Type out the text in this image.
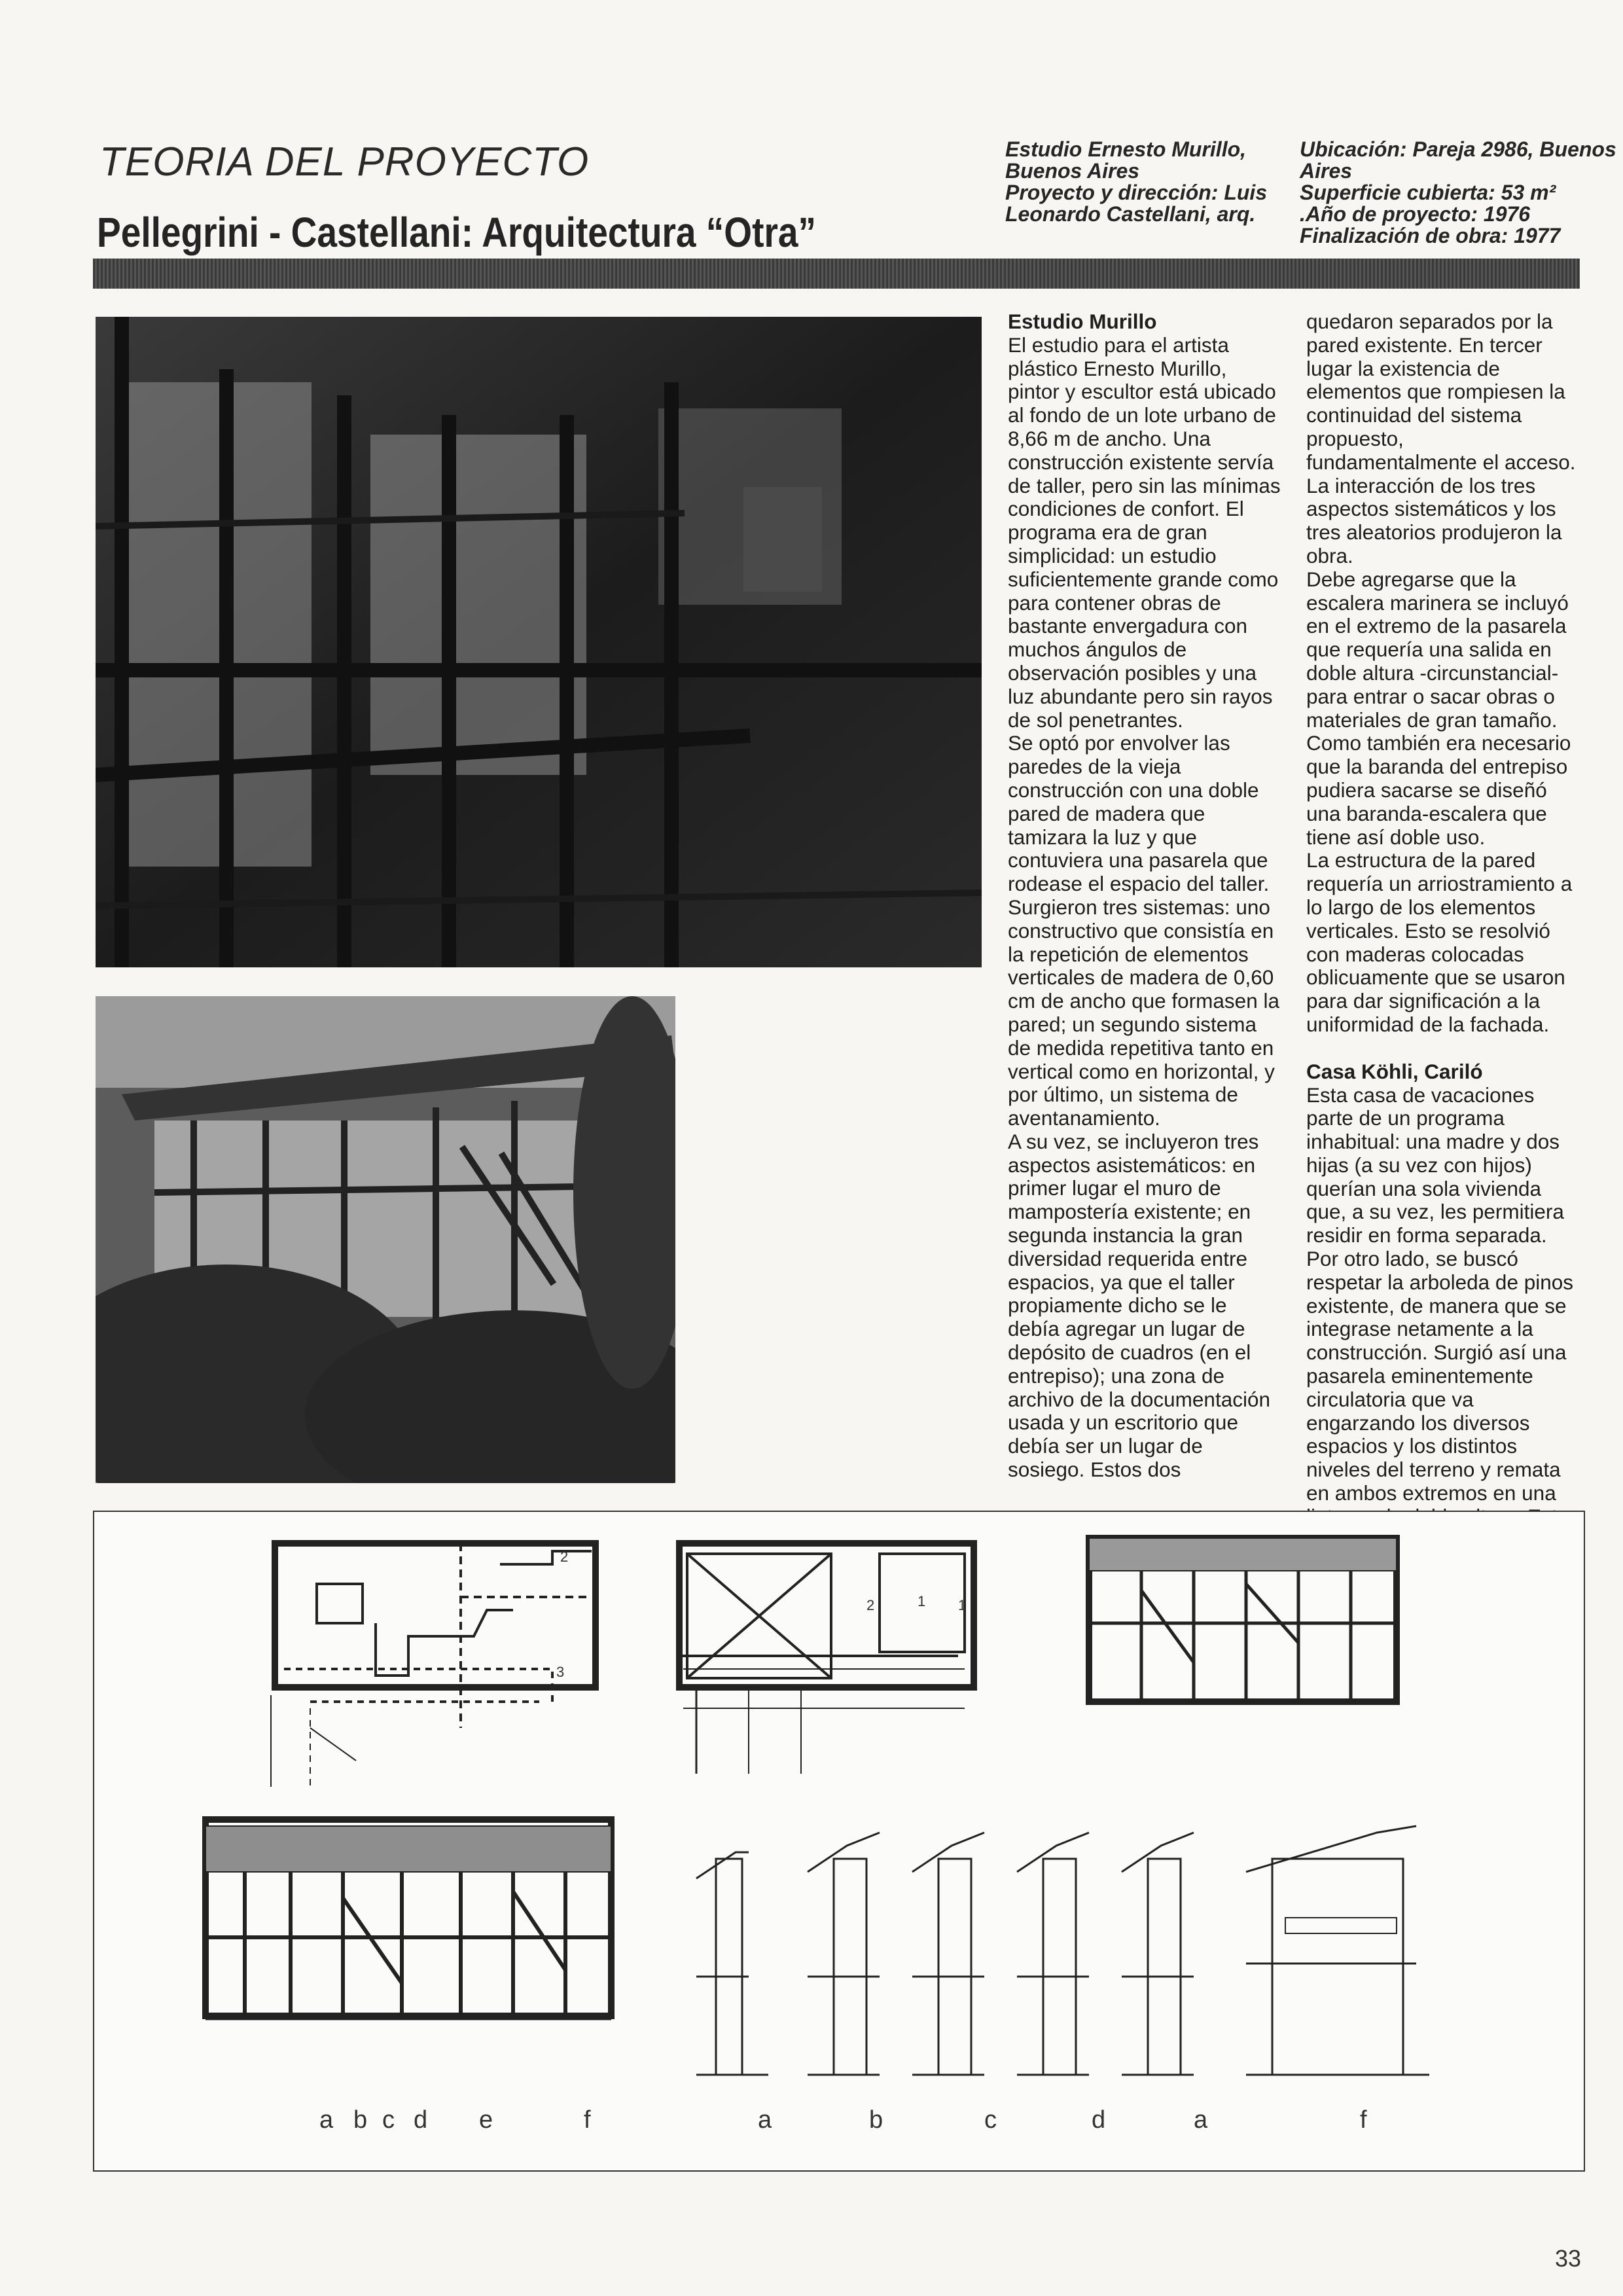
TEORIA DEL PROYECTO
Pellegrini - Castellani: Arquitectura “Otra”
Estudio Ernesto Murillo,
Buenos Aires
Proyecto y dirección: Luis
Leonardo Castellani, arq.
Ubicación: Pareja 2986, Buenos
Aires
Superficie cubierta: 53 m²
.Año de proyecto: 1976
Finalización de obra: 1977

Estudio Murillo

El estudio para el artista plástico Ernesto Murillo, pintor y escultor está ubicado al fondo de un lote urbano de 8,66 m de ancho. Una construcción existente servía de taller, pero sin las mínimas condiciones de confort. El programa era de gran simplicidad: un estudio suficientemente grande como para contener obras de bastante envergadura con muchos ángulos de observación posibles y una luz abundante pero sin rayos de sol penetrantes.

Se optó por envolver las paredes de la vieja construcción con una doble pared de madera que tamizara la luz y que contuviera una pasarela que rodease el espacio del taller.

Surgieron tres sistemas: uno constructivo que consistía en la repetición de elementos verticales de madera de 0,60 cm de ancho que formasen la pared; un segundo sistema de medida repetitiva tanto en vertical como en horizontal, y por último, un sistema de aventanamiento.

A su vez, se incluyeron tres aspectos asistemáticos: en primer lugar el muro de mampostería existente; en segunda instancia la gran diversidad requerida entre espacios, ya que el taller propiamente dicho se le debía agregar un lugar de depósito de cuadros (en el entrepiso); una zona de archivo de la documentación usada y un escritorio que debía ser un lugar de sosiego. Estos dos

quedaron separados por la pared existente. En tercer lugar la existencia de elementos que rompiesen la continuidad del sistema propuesto, fundamentalmente el acceso.

La interacción de los tres aspectos sistemáticos y los tres aleatorios produjeron la obra.

Debe agregarse que la escalera marinera se incluyó en el extremo de la pasarela que requería una salida en doble altura -circunstancial- para entrar o sacar obras o materiales de gran tamaño. Como también era necesario que la baranda del entrepiso pudiera sacarse se diseñó una baranda-escalera que tiene así doble uso.

La estructura de la pared requería un arriostramiento a lo largo de los elementos verticales. Esto se resolvió con maderas colocadas oblicuamente que se usaron para dar significación a la uniformidad de la fachada.

Casa Köhli, Cariló

Esta casa de vacaciones parte de un programa inhabitual: una madre y dos hijas (a su vez con hijos) querían una sola vivienda que, a su vez, les permitiera residir en forma separada. Por otro lado, se buscó respetar la arboleda de pinos existente, de manera que se integrase netamente a la construcción. Surgió así una pasarela eminentemente circulatoria que va engarzando los diversos espacios y los distintos niveles del terreno y remata en ambos extremos en una

2
1
3
2	1
a b c d e	f	a	b	c	d	a	f
33
